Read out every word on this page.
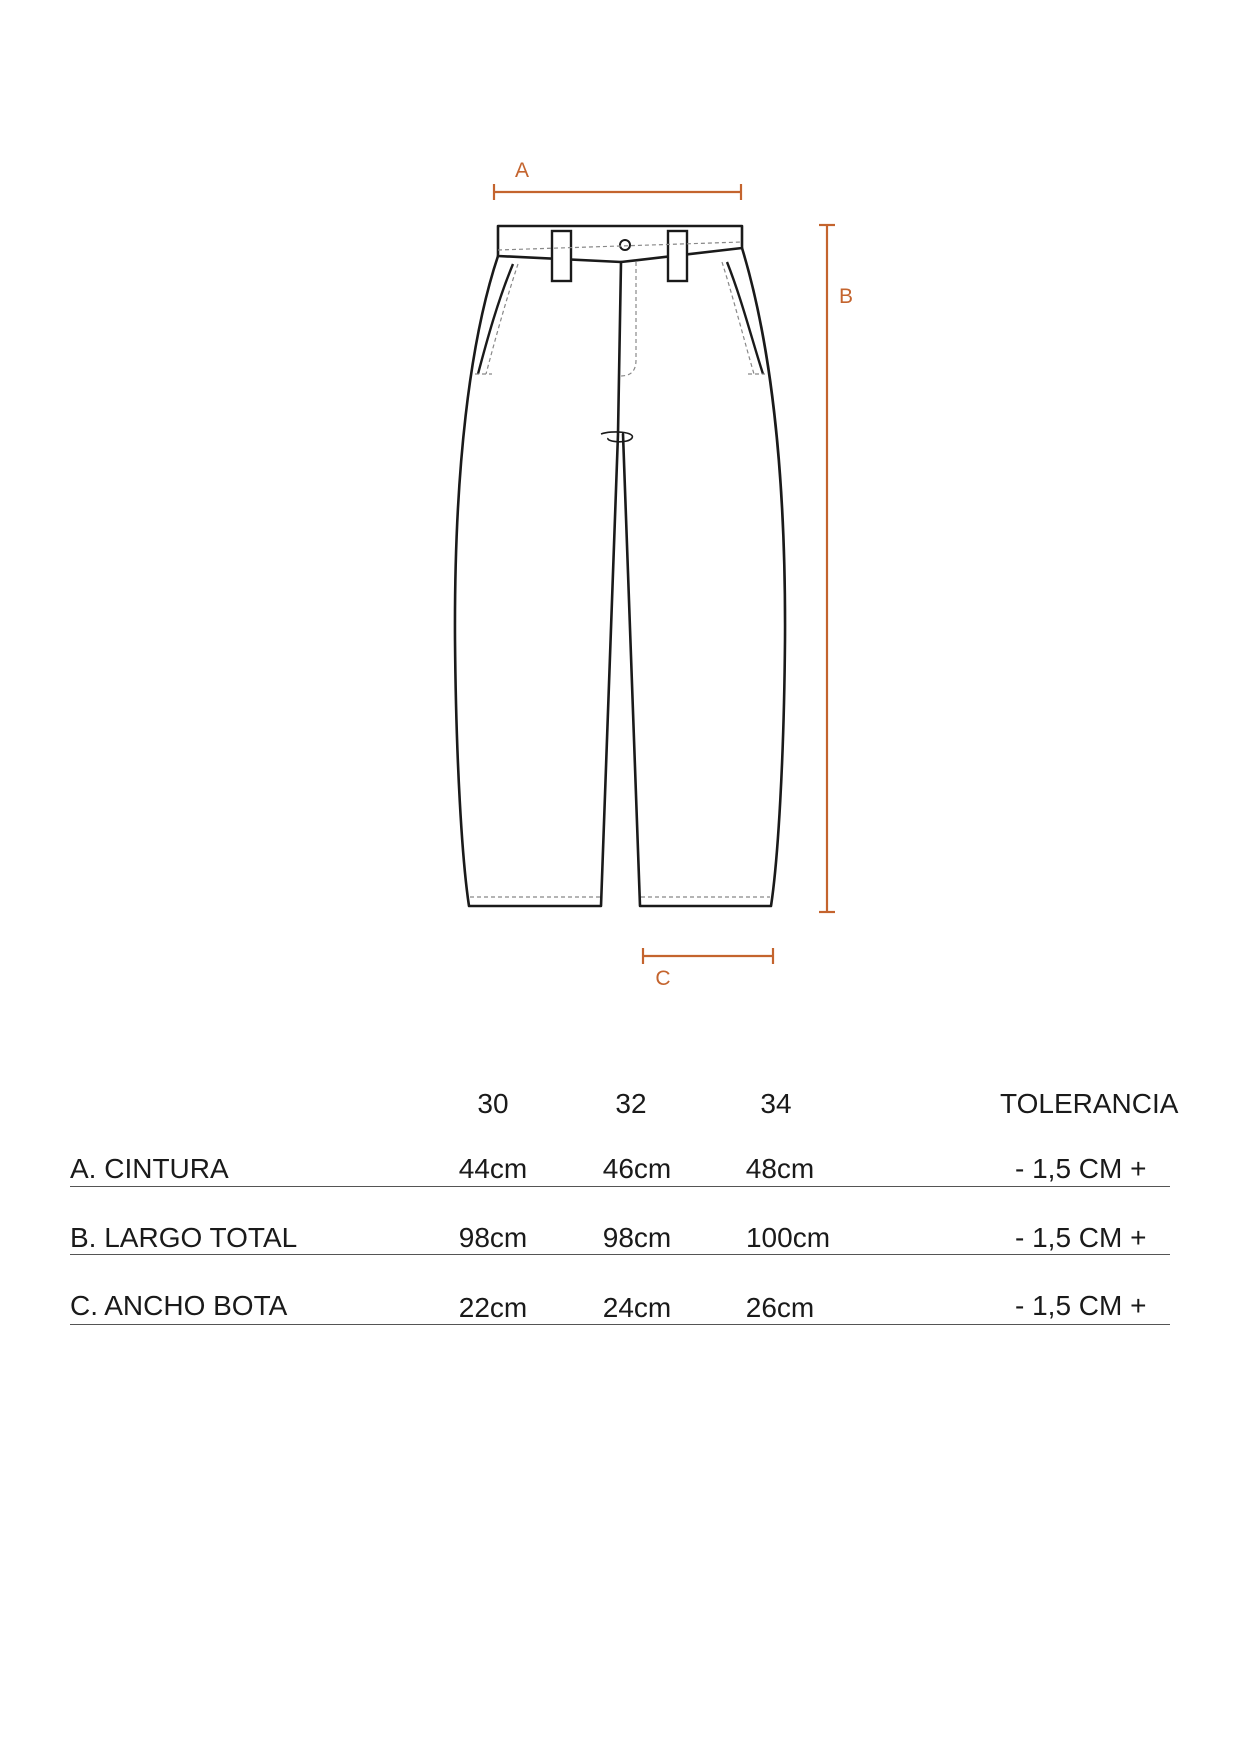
A
B
C
30	32	34	TOLERANCIA
A. CINTURA	44cm	46cm	48cm	- 1,5 CM +
B. LARGO TOTAL	98cm	98cm	100cm	- 1,5 CM +
C. ANCHO BOTA	22cm	24cm	26cm	- 1,5 CM +
